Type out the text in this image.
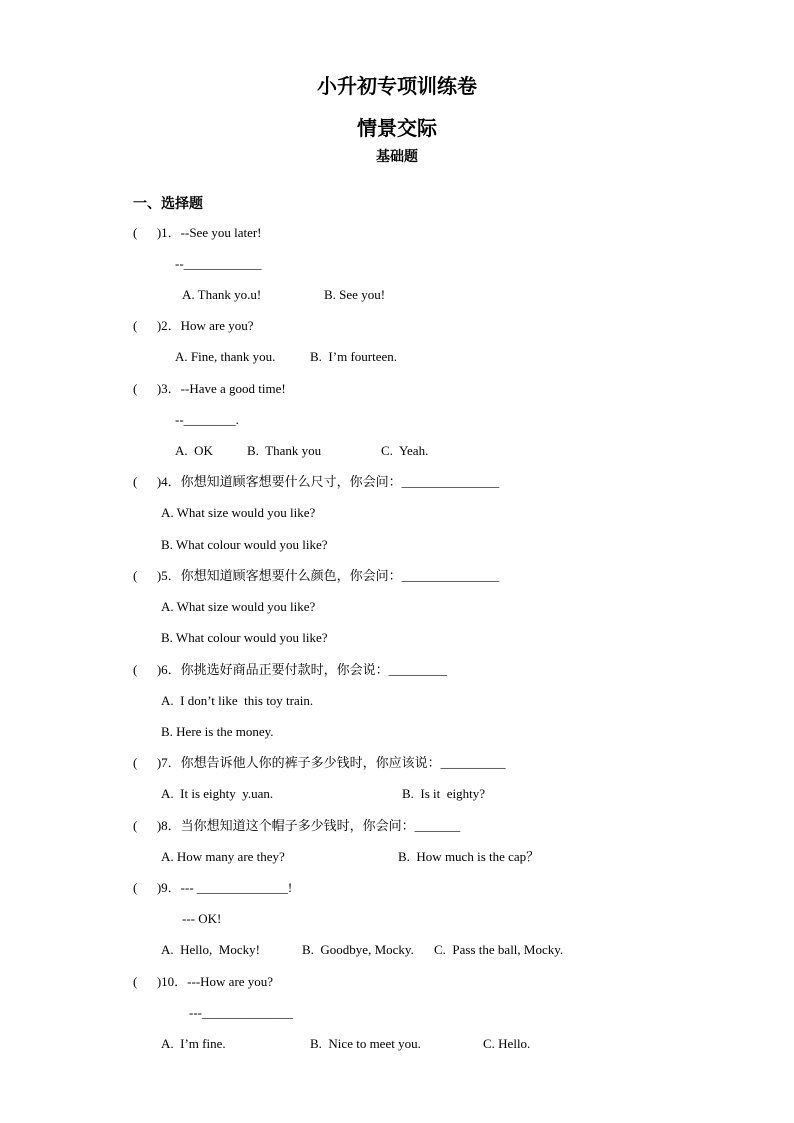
小升初专项训练卷
情景交际
基础题
一、选择题
(      )1．--See you later!
--____________
A. Thank yo.u!	B. See you!
(      )2．How are you?
A. Fine, thank you.	B.  I’m fourteen.
(      )3．--Have a good time!
--________.
A.  OK	B.  Thank you	C.  Yeah.
(      )4．你想知道顾客想要什么尺寸，你会问：_______________
A. What size would you like?
B. What colour would you like?
(      )5．你想知道顾客想要什么颜色，你会问：_______________
A. What size would you like?
B. What colour would you like?
(      )6．你挑选好商品正要付款时，你会说：_________
A.  I don’t like  this toy train.
B. Here is the money.
(      )7．你想告诉他人你的裤子多少钱时，你应该说：__________
A.  It is eighty  y.uan.	B.  Is it  eighty?
(      )8．当你想知道这个帽子多少钱时，你会问：_______
A. How many are they?	B.  How much is the cap？
(      )9．--- ______________!
--- OK!
A.  Hello,  Mocky!	B.  Goodbye, Mocky. C.  Pass the ball, Mocky.
(      )10．---How are you?
---______________
A.  I’m fine.	B.  Nice to meet you.	C. Hello.
